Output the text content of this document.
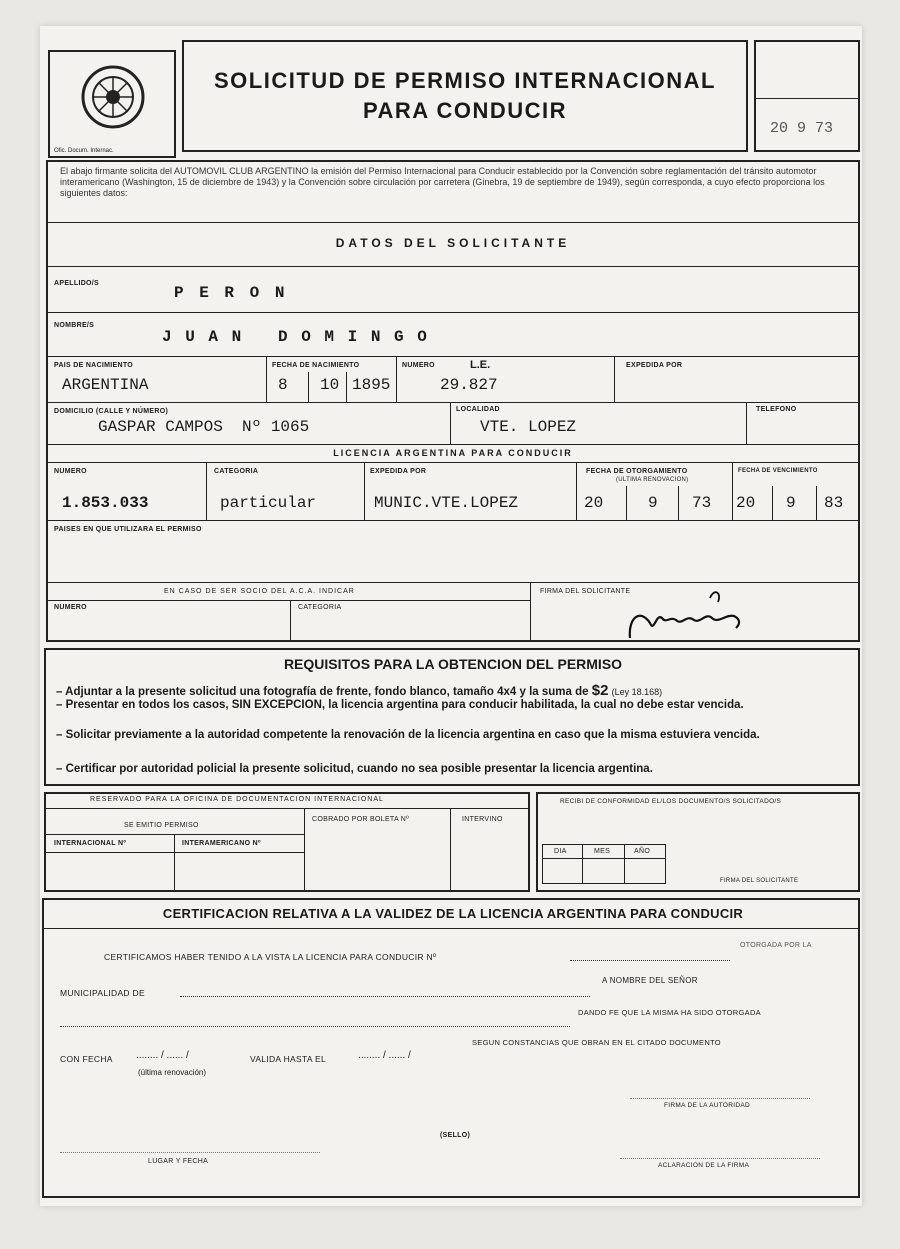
Ofic. Docum. Internac.
SOLICITUD DE PERMISO INTERNACIONAL
PARA CONDUCIR
20 9 73
El abajo firmante solicita del AUTOMOVIL CLUB ARGENTINO la emisión del Permiso Internacional para Conducir establecido por la Convención sobre reglamentación del tránsito automotor interamericano (Washington, 15 de diciembre de 1943) y la Convención sobre circulación por carretera (Ginebra, 19 de septiembre de 1949), según corresponda, a cuyo efecto proporciona los siguientes datos:
DATOS DEL SOLICITANTE
APELLIDO/S
P E R O N
NOMBRE/S
J U A N   D O M I N G O
PAIS DE NACIMIENTO
ARGENTINA
FECHA DE NACIMIENTO
8 10 1895
NUMERO	L.E.
29.827
EXPEDIDA POR
DOMICILIO (CALLE Y NÚMERO)
GASPAR CAMPOS  Nº 1065
LOCALIDAD
VTE. LOPEZ
TELEFONO
LICENCIA ARGENTINA PARA CONDUCIR
NUMERO
1.853.033
CATEGORIA
particular
EXPEDIDA POR
MUNIC.VTE.LOPEZ
FECHA DE OTORGAMIENTO
(ULTIMA RENOVACION)
20	9 73
FECHA DE VENCIMIENTO
20 9 83
PAISES EN QUE UTILIZARA EL PERMISO
EN CASO DE SER SOCIO DEL A.C.A. INDICAR
NUMERO	CATEGORIA
FIRMA DEL SOLICITANTE
REQUISITOS PARA LA OBTENCION DEL PERMISO
– Adjuntar a la presente solicitud una fotografía de frente, fondo blanco, tamaño 4x4 y la suma de $2 (Ley 18.168)
– Presentar en todos los casos, SIN EXCEPCION, la licencia argentina para conducir habilitada, la cual no debe estar vencida.
– Solicitar previamente a la autoridad competente la renovación de la licencia argentina en caso que la misma estuviera vencida.
– Certificar por autoridad policial la presente solicitud, cuando no sea posible presentar la licencia argentina.
RESERVADO PARA LA OFICINA DE DOCUMENTACION INTERNACIONAL
SE EMITIO PERMISO
COBRADO POR BOLETA Nº	INTERVINO
INTERNACIONAL Nº	INTERAMERICANO Nº
RECIBI DE CONFORMIDAD EL/LOS DOCUMENTO/S SOLICITADO/S
DIA	MES	AÑO
FIRMA DEL SOLICITANTE
CERTIFICACION RELATIVA A LA VALIDEZ DE LA LICENCIA ARGENTINA PARA CONDUCIR
CERTIFICAMOS HABER TENIDO A LA VISTA LA LICENCIA PARA CONDUCIR Nº
OTORGADA POR LA
MUNICIPALIDAD DE
A NOMBRE DEL SEÑOR
DANDO FE QUE LA MISMA HA SIDO OTORGADA
CON FECHA ........ / ...... /	VALIDA HASTA EL	........ / ...... /
SEGUN CONSTANCIAS QUE OBRAN EN EL CITADO DOCUMENTO
(última renovación)
FIRMA DE LA AUTORIDAD
(SELLO)
LUGAR Y FECHA
ACLARACION DE LA FIRMA
